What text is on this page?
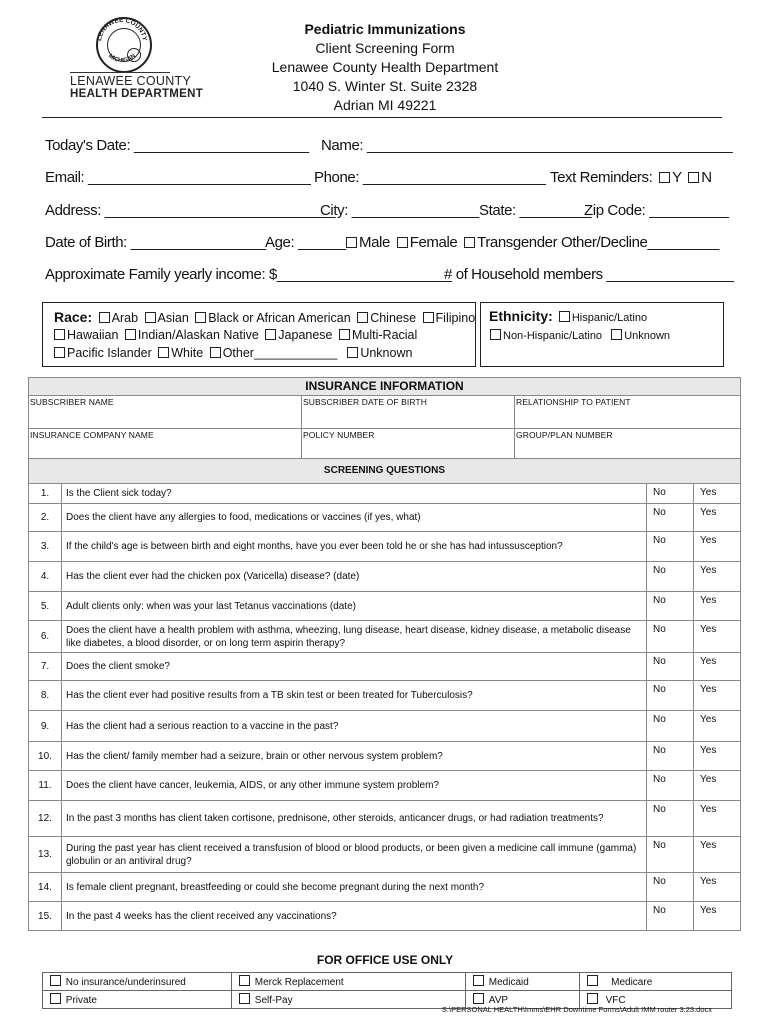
LENAWEE COUNTY
MICHIGAN
LENAWEE COUNTY
HEALTH DEPARTMENT
Pediatric Immunizations
Client Screening Form
Lenawee County Health Department
1040 S. Winter St. Suite 2328
Adrian MI 49221
Today's Date: ______________________ Name: ______________________________________________
Email: ____________________________ Phone: _______________________ Text Reminders: Y N
Address: _____________________________
City: ________________ State: _________
Zip Code: __________
Date of Birth: _________________ Age: ______ Male Female Transgender Other/Decline_________
Approximate Family yearly income: $______________________
# of Household members ________________
Race: Arab Asian Black or African American Chinese Filipino
Hawaiian Indian/Alaskan Native Japanese Multi-Racial
Pacific Islander White Other____________ Unknown
Ethnicity: Hispanic/Latino
Non-Hispanic/Latino Unknown
INSURANCE INFORMATION		
SUBSCRIBER NAME	SUBSCRIBER DATE OF BIRTH	RELATIONSHIP TO PATIENT
INSURANCE COMPANY NAME	POLICY NUMBER	GROUP/PLAN NUMBER
SCREENING QUESTIONS			
1.	Is the Client sick today?	No	Yes
2.	Does the client have any allergies to food, medications or vaccines (if yes, what)	No	Yes
3.	If the child's age is between birth and eight months, have you ever been told he or she has had intussusception?	No	Yes
4.	Has the client ever had the chicken pox (Varicella) disease? (date)	No	Yes
5.	Adult clients only: when was your last Tetanus vaccinations (date)	No	Yes
6.	Does the client have a health problem with asthma, wheezing, lung disease, heart disease, kidney disease, a metabolic disease like diabetes, a blood disorder, or on long term aspirin therapy?	No	Yes
7.	Does the client smoke?	No	Yes
8.	Has the client ever had positive results from a TB skin test or been treated for Tuberculosis?	No	Yes
9.	Has the client had a serious reaction to a vaccine in the past?	No	Yes
10.	Has the client/ family member had a seizure, brain or other nervous system problem?	No	Yes
11.	Does the client have cancer, leukemia, AIDS, or any other immune system problem?	No	Yes
12.	In the past 3 months has client taken cortisone, prednisone, other steroids, anticancer drugs, or had radiation treatments?	No	Yes
13.	During the past year has client received a transfusion of blood or blood products, or been given a medicine call immune (gamma) globulin or an antiviral drug?	No	Yes
14.	Is female client pregnant, breastfeeding or could she become pregnant during the next month?	No	Yes
15.	In the past 4 weeks has the client received any vaccinations?	No	Yes
FOR OFFICE USE ONLY
No insurance/underinsured	Merck Replacement	Medicaid	Medicare
Private	Self-Pay	AVP	VFC
S:\PERSONAL HEALTH\Imms\EHR Downtime Forms\Adult IMM router 3.23.docx
